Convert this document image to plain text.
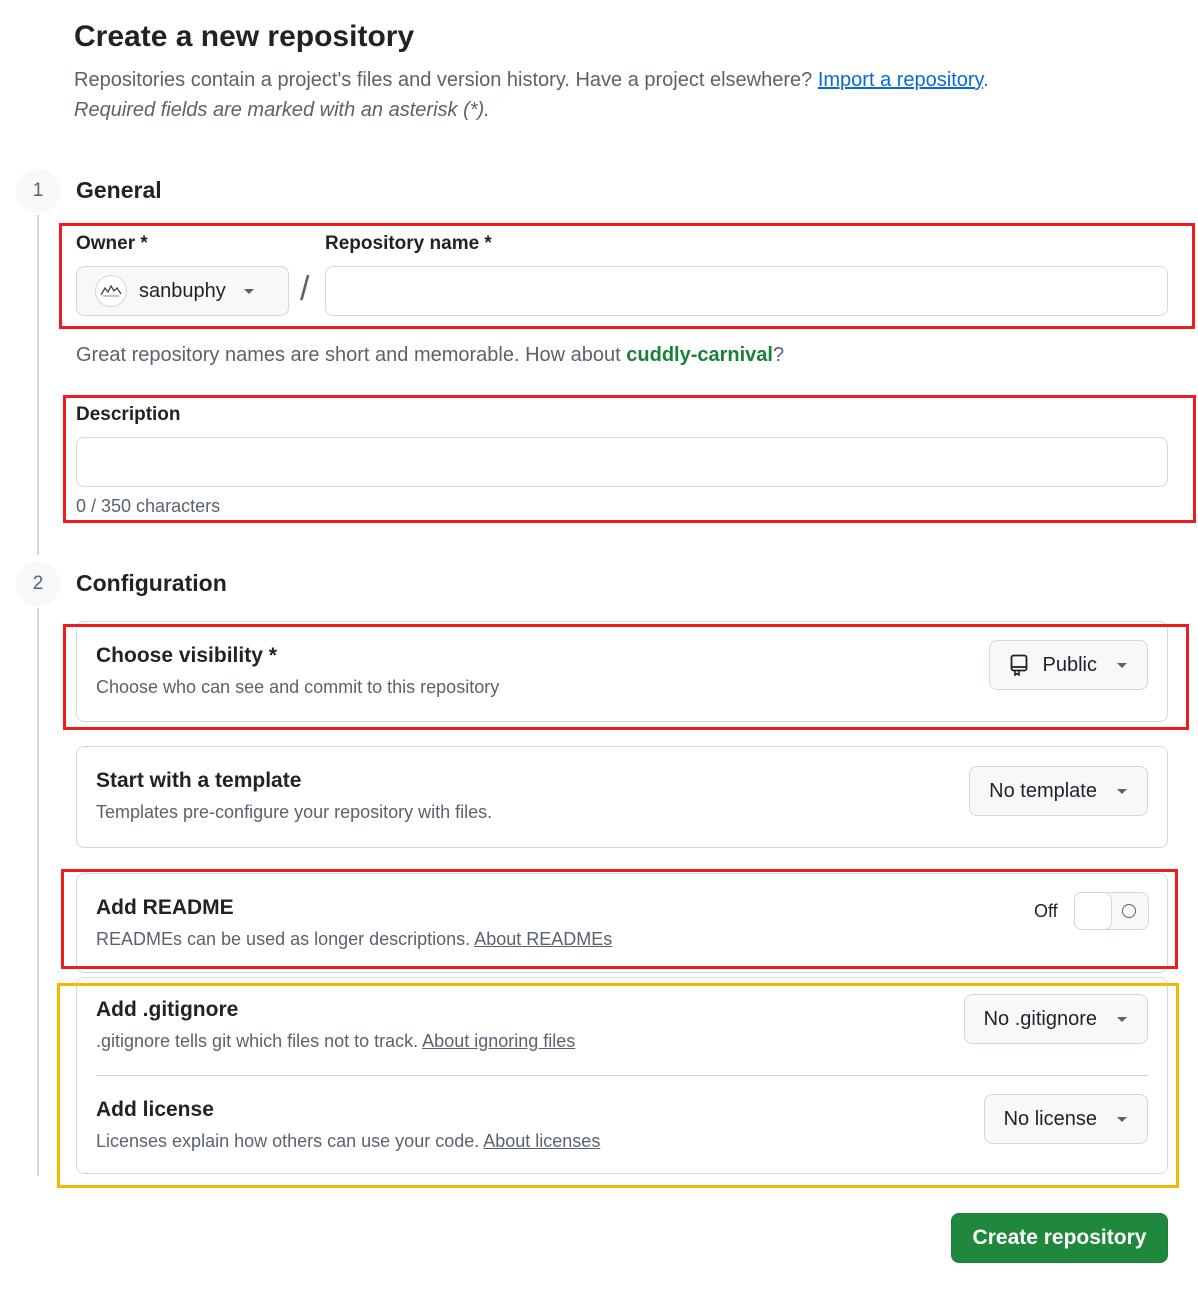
Create a new repository

Repositories contain a project's files and version history. Have a project elsewhere? Import a repository.

Required fields are marked with an asterisk (*).

1	General
Owner *	Repository name *
sanbuphy /

Great repository names are short and memorable. How about cuddly-carnival?

Description

0 / 350 characters

2	Configuration
Choose visibility *
Choose who can see and commit to this repository
Public
Start with a template
Templates pre-configure your repository with files.
No template
Add README
READMEs can be used as longer descriptions. About READMEs
Off
Add .gitignore
.gitignore tells git which files not to track. About ignoring files
No .gitignore
Add license
Licenses explain how others can use your code. About licenses
No license
Create repository
